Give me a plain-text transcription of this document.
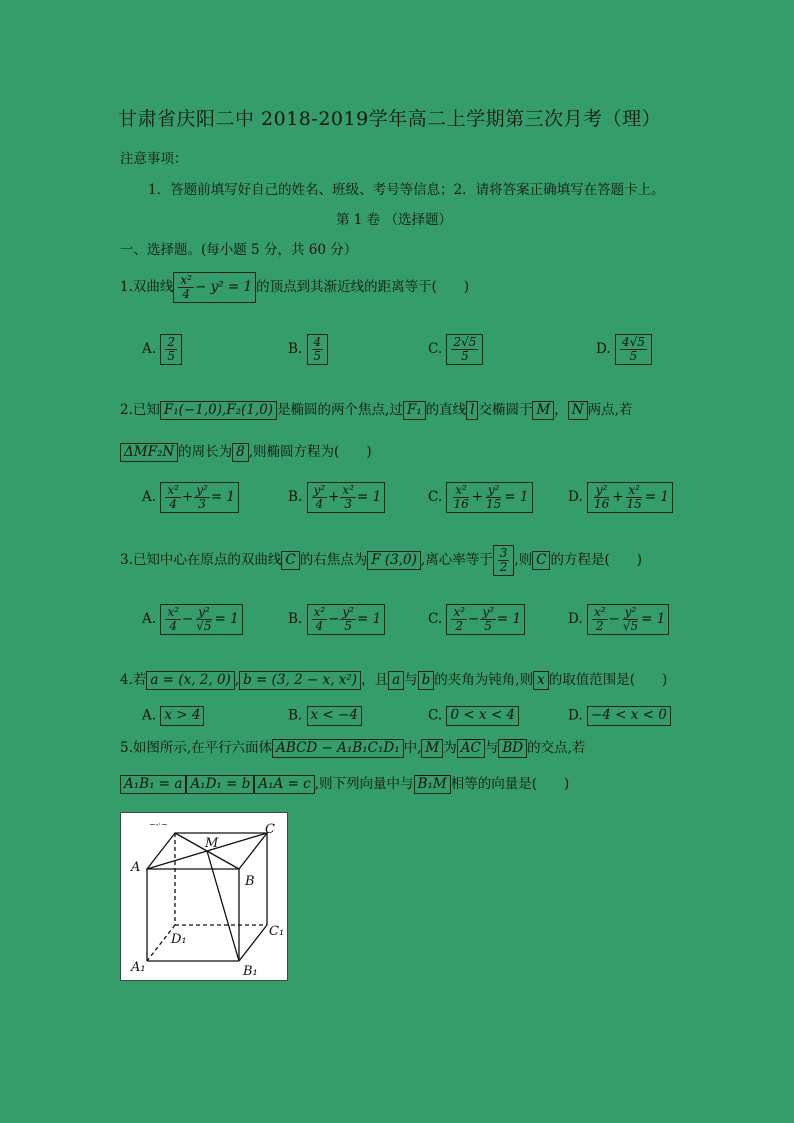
甘肃省庆阳二中 2018-2019学年高二上学期第三次月考（理）
注意事项：
1．答题前填写好自己的姓名、班级、考号等信息；2．请将答案正确填写在答题卡上。
第 1 卷 （选择题）
一、选择题。(每小题 5 分，共 60 分）
1.双曲线 $\frac{\text{x²}}{4} - y^2 = 1$ 的顶点到其渐近线的距离等于(　　)
A. $\frac{2}{5}$	B. $\frac{4}{5}$	C. $\frac{2√5}{5}$	D. $\frac{4√5}{5}$
2.已知 F₁(−1,0),F₂(1,0) 是椭圆的两个焦点,过 F₁ 的直线 l 交椭圆于 M ， N 两点,若
ΔMF₂N 的周长为 8 ,则椭圆方程为(　　)
A. $\frac{\text{x²}}{4} + \frac{\text{y²}}{3} = 1$	B. $\frac{\text{y²}}{4} + \frac{\text{x²}}{3} = 1$	C. $\frac{\text{x²}}{16} + \frac{\text{y²}}{15} = 1$	D. $\frac{\text{y²}}{16} + \frac{\text{x²}}{15} = 1$
3.已知中心在原点的双曲线 C 的右焦点为 F (3,0) ,离心率等于 $\frac{3}{2}$ ,则 C 的方程是(　　)
A. $\frac{\text{x²}}{4} - \frac{\text{y²}}{√5} = 1$	B. $\frac{\text{x²}}{4} - \frac{\text{y²}}{5} = 1$	C. $\frac{\text{x²}}{2} - \frac{\text{y²}}{5} = 1$	D. $\frac{\text{x²}}{2} - \frac{\text{y²}}{√5} = 1$
4.若 a = (x, 2, 0) , b = (3, 2 − x, x²) ，且 a 与 b 的夹角为钝角,则 x 的取值范围是(　　)
A. x > 4	B. x < −4	C. 0 < x < 4	D. −4 < x < 0
5.如图所示,在平行六面体 ABCD − A₁B₁C₁D₁ 中, M 为 $\overline{AC}$ 与 $\overline{BD}$ 的交点,若
A₁B₁ = a A₁D₁ = b A₁A = c ,则下列向量中与 B₁M 相等的向量是(　　)
A
M
C
B
D₁
C₁
A₁	B₁
~-·~
